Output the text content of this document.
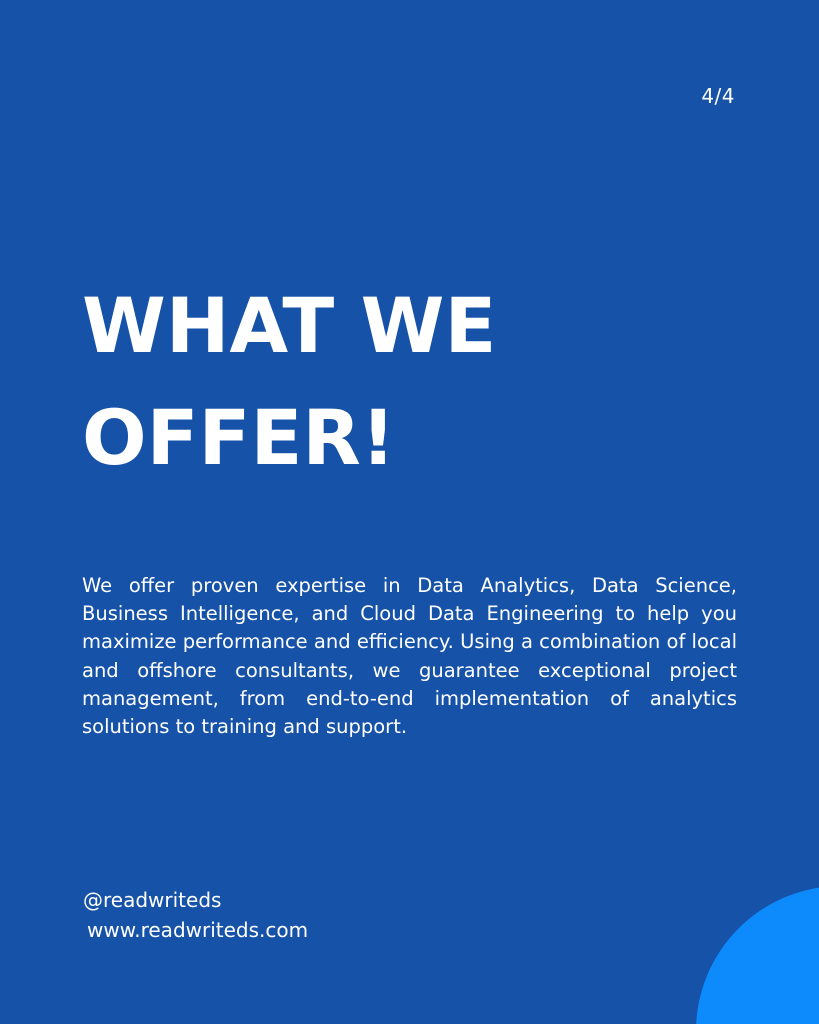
4/4
WHAT WE
OFFER!

We offer proven expertise in Data Analytics, Data Science, Business Intelligence, and Cloud Data Engineering to help you maximize performance and efficiency. Using a combination of local and offshore consultants, we guarantee exceptional project management, from end-to-end implementation of analytics solutions to training and support.

@readwriteds
www.readwriteds.com
